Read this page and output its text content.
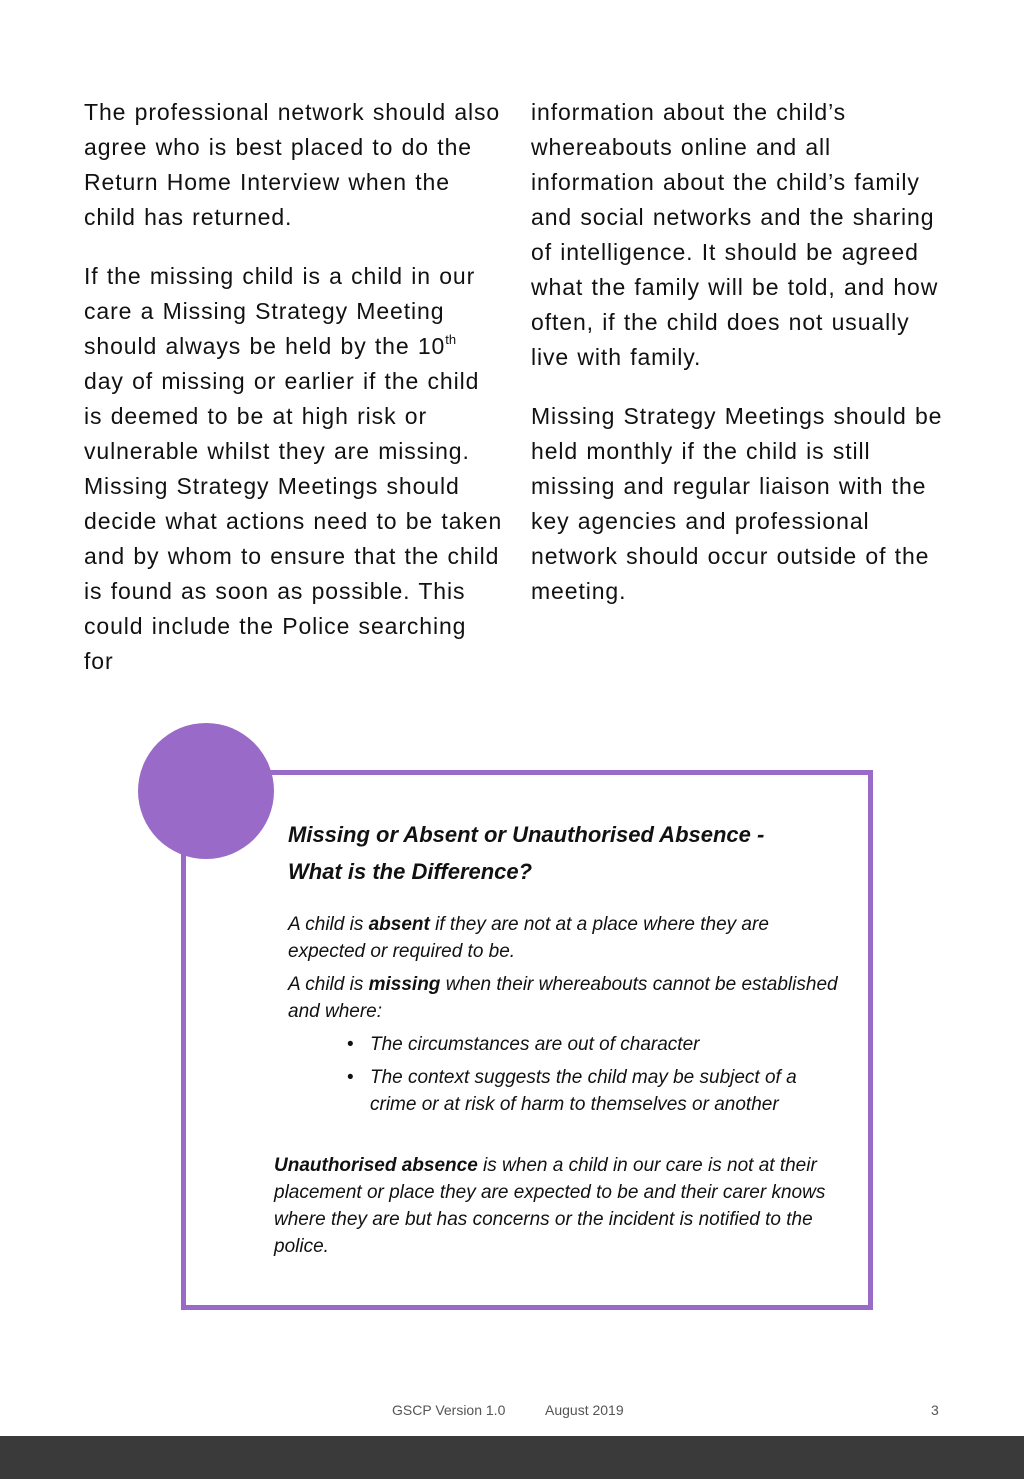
The professional network should also agree who is best placed to do the Return Home Interview when the child has returned.

If the missing child is a child in our care a Missing Strategy Meeting should always be held by the 10th day of missing or earlier if the child is deemed to be at high risk or vulnerable whilst they are missing. Missing Strategy Meetings should decide what actions need to be taken and by whom to ensure that the child is found as soon as possible. This could include the Police searching for

information about the child’s whereabouts online and all information about the child’s family and social networks and the sharing of intelligence. It should be agreed what the family will be told, and how often, if the child does not usually live with family.

Missing Strategy Meetings should be held monthly if the child is still missing and regular liaison with the key agencies and professional network should occur outside of the meeting.

Missing or Absent or Unauthorised Absence -
What is the Difference?

A child is absent if they are not at a place where they are expected or required to be.

A child is missing when their whereabouts cannot be established and where:

• The circumstances are out of character
• The context suggests the child may be subject of a crime or at risk of harm to themselves or another

Unauthorised absence is when a child in our care is not at their placement or place they are expected to be and their carer knows where they are but has concerns or the incident is notified to the police.

GSCP Version 1.0	August 2019	3
